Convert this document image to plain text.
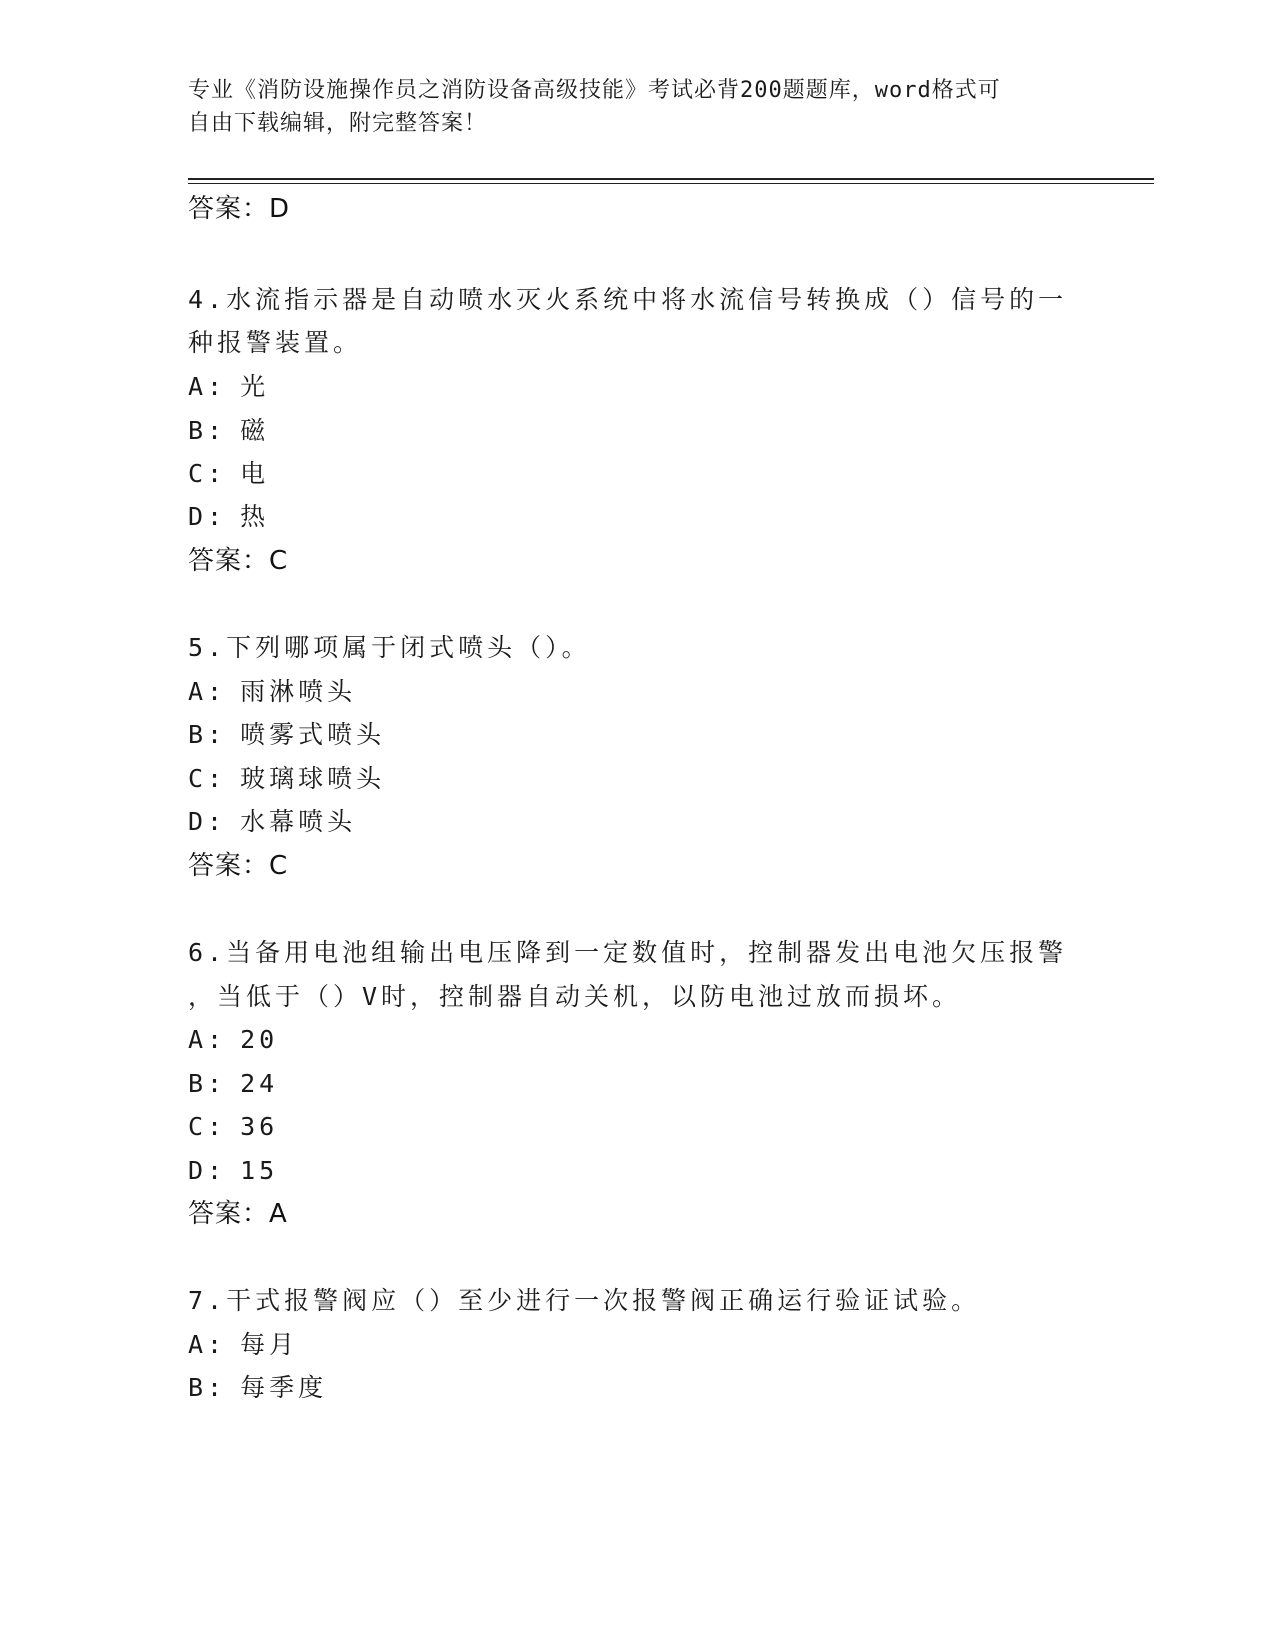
专业《消防设施操作员之消防设备高级技能》考试必背200题题库，word格式可
自由下载编辑，附完整答案！
答案：D
4.水流指示器是自动喷水灭火系统中将水流信号转换成（）信号的一
种报警装置。
A: 光
B: 磁
C: 电
D: 热
答案：C
5.下列哪项属于闭式喷头（）。
A: 雨淋喷头
B: 喷雾式喷头
C: 玻璃球喷头
D: 水幕喷头
答案：C
6.当备用电池组输出电压降到一定数值时，控制器发出电池欠压报警
，当低于（）V时，控制器自动关机，以防电池过放而损坏。
A: 20
B: 24
C: 36
D: 15
答案：A
7.干式报警阀应（）至少进行一次报警阀正确运行验证试验。
A: 每月
B: 每季度
